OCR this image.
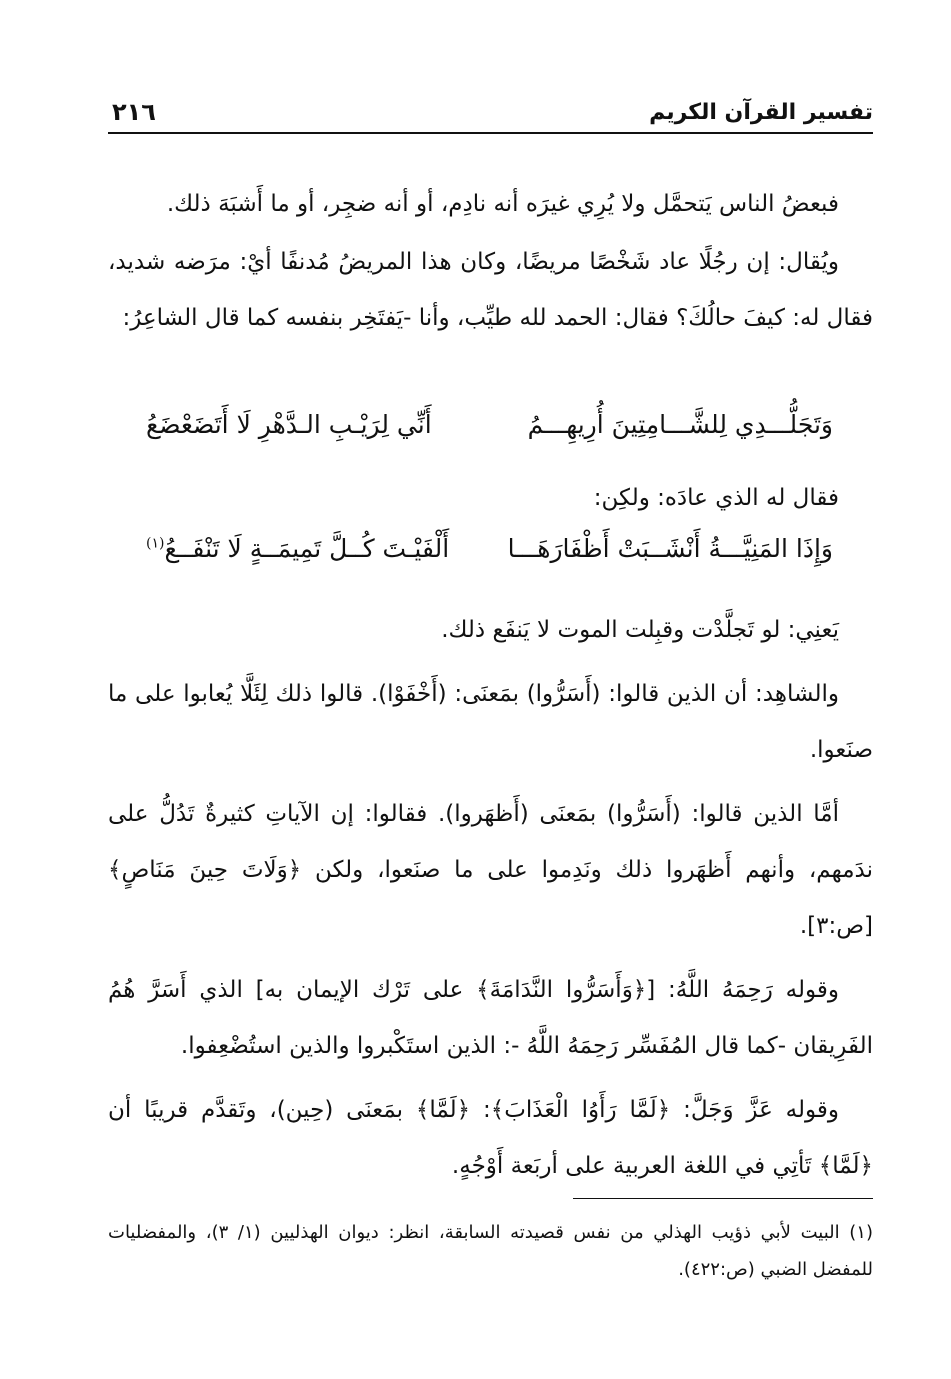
تفسير القرآن الكريم
٢١٦

فبعضُ الناس يَتحمَّل ولا يُرِي غيرَه أنه نادِم، أو أنه ضجِر، أو ما أَشبَهَ ذلك.

ويُقال: إن رجُلًا عاد شَخْصًا مريضًا، وكان هذا المريضُ مُدنفًا أيْ: مرَضه شديد، فقال له: كيفَ حالُكَ؟ فقال: الحمد لله طيِّب، وأنا -يَفتَخِر بنفسه كما قال الشاعِرُ:

وَتَجَلُّـــدِي لِلشَّـــامِتِينَ أُرِيهِـــمُ
أَنِّي لِرَيْـبِ الـدَّهْرِ لَا أَتَضَعْضَعُ

فقال له الذي عادَه: ولكِن:

وَإِذَا المَنِيَّـــةُ أَنْشَــبَتْ أَظْفَارَهَـــا
أَلْفَيْـتَ كُــلَّ تَمِيمَــةٍ لَا تَنْفَــعُ$^{(١)}$

يَعنِي: لو تَجلَّدْت وقبِلت الموت لا يَنفَع ذلك.

والشاهِد: أن الذين قالوا: (أَسَرُّوا) بمَعنَى: (أَخْفَوْا). قالوا ذلك لِئَلَّا يُعابوا على ما صنَعوا.

أمَّا الذين قالوا: (أَسَرُّوا) بمَعنَى (أَظهَروا). فقالوا: إن الآياتِ كثيرةٌ تَدُلُّ على ندَمهم، وأنهم أَظهَروا ذلك ونَدِموا على ما صنَعوا، ولكن ﴿وَلَاتَ حِينَ مَنَاصٍ﴾ [ص:٣].

وقوله رَحِمَهُ اللَّهُ: [﴿وَأَسَرُّوا النَّدَامَةَ﴾ على تَرْك الإيمان به] الذي أَسَرَّ هُمُ الفَرِيقان -كما قال المُفَسِّر رَحِمَهُ اللَّهُ -: الذين استَكْبروا والذين استُضْعِفوا.

وقوله عَزَّ وَجَلَّ: ﴿لَمَّا رَأَوُا الْعَذَابَ﴾: ﴿لَمَّا﴾ بمَعنَى (حِين)، وتَقدَّم قريبًا أن ﴿لَمَّا﴾ تَأتِي في اللغة العربية على أربَعة أَوْجُهٍ.

(١) البيت لأبي ذؤيب الهذلي من نفس قصيدته السابقة، انظر: ديوان الهذليين (١/ ٣)، والمفضليات للمفضل الضبي (ص:٤٢٢).
